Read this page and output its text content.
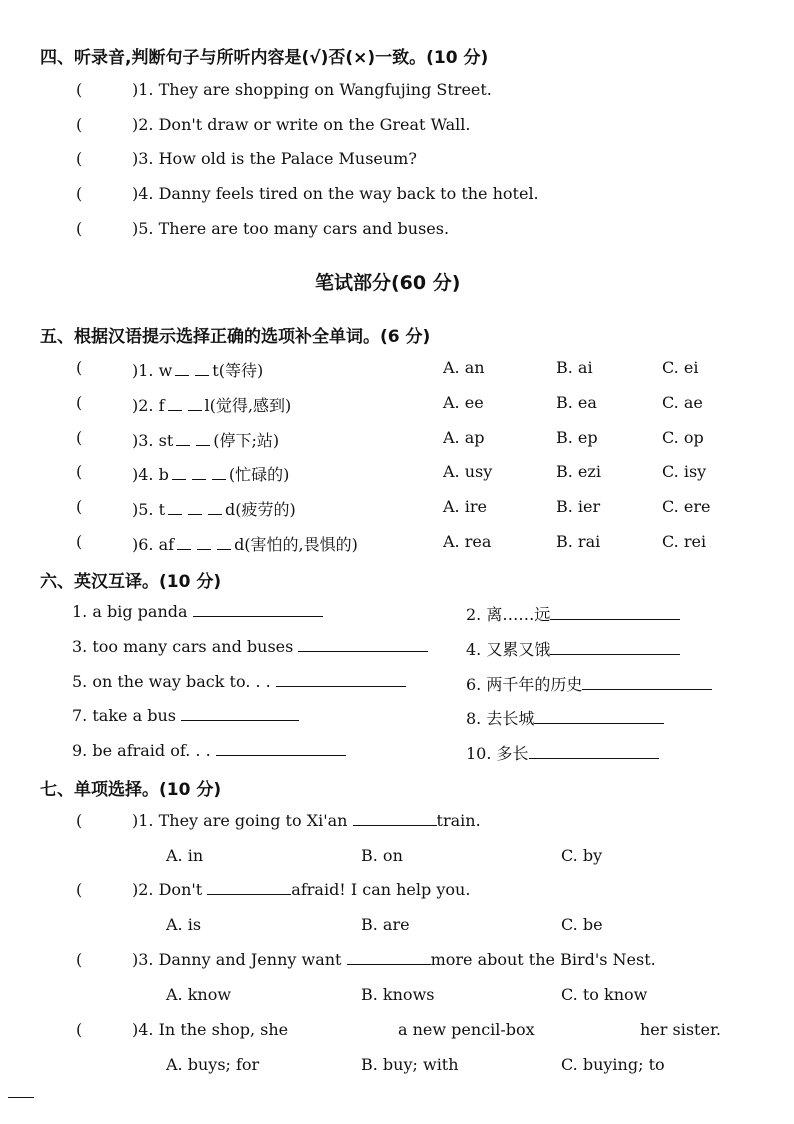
四、听录音,判断句子与所听内容是(√)否(×)一致。(10 分)
(	)1. They are shopping on Wangfujing Street.
(	)2. Don't draw or write on the Great Wall.
(	)3. How old is the Palace Museum?
(	)4. Danny feels tired on the way back to the hotel.
(	)5. There are too many cars and buses.
笔试部分(60 分)
五、根据汉语提示选择正确的选项补全单词。(6 分)
(	)1. w	t(等待)	A. an	B. ai	C. ei
(	)2. f	l(觉得,感到)	A. ee	B. ea	C. ae
(	)3. st	(停下;站)	A. ap	B. ep	C. op
(	)4. b	(忙碌的)	A. usy	B. ezi	C. isy
(	)5. t	d(疲劳的)	A. ire	B. ier	C. ere
(	)6. af	d(害怕的,畏惧的)	A. rea	B. rai	C. rei
六、英汉互译。(10 分)
1. a big panda	2. 离……远
3. too many cars and buses	4. 又累又饿
5. on the way back to. . .	6. 两千年的历史
7. take a bus	8. 去长城
9. be afraid of. . .	10. 多长
七、单项选择。(10 分)
(	)1. They are going to Xi'an	train.
A. in	B. on	C. by
(	)2. Don't	afraid! I can help you.
A. is	B. are	C. be
(	)3. Danny and Jenny want	more about the Bird's Nest.
A. know	B. knows	C. to know
(	)4. In the shop, she	a new pencil-box	her sister.
A. buys; for	B. buy; with	C. buying; to
